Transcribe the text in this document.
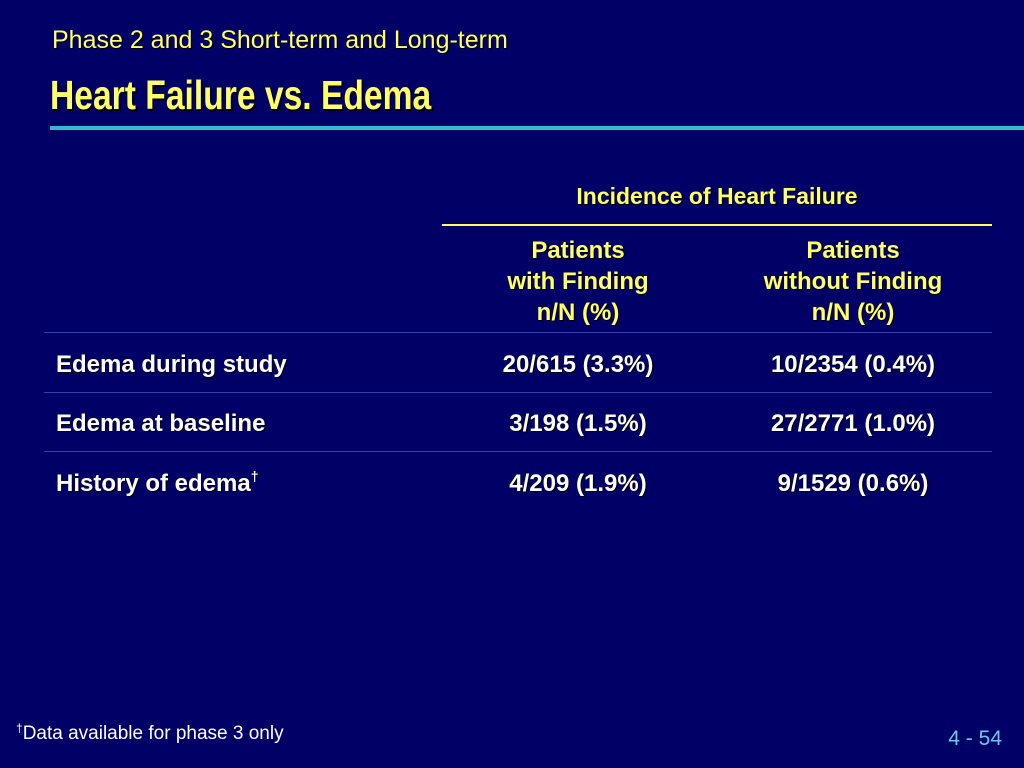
Phase 2 and 3 Short-term and Long-term
Heart Failure vs. Edema
Incidence of Heart Failure
Patients
with Finding
n/N (%)
Patients
without Finding
n/N (%)
Edema during study	20/615 (3.3%)	10/2354 (0.4%)
Edema at baseline	3/198 (1.5%)	27/2771 (1.0%)
History of edema†	4/209 (1.9%)	9/1529 (0.6%)
†Data available for phase 3 only	4 - 54
